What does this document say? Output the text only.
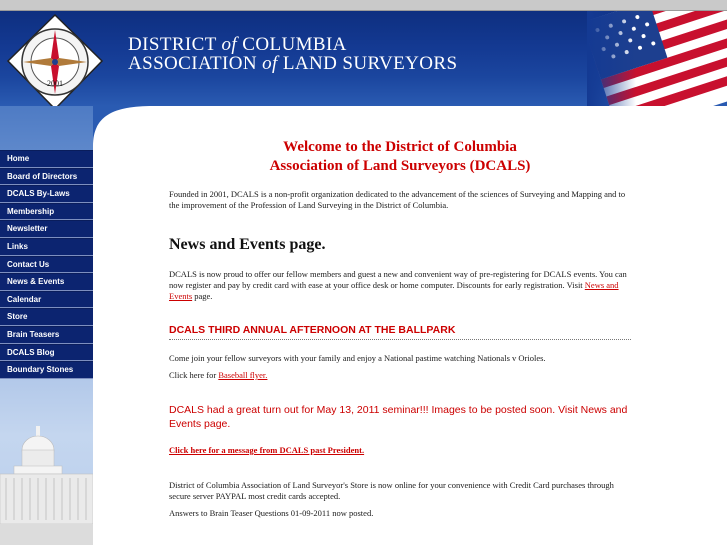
2001
DISTRICT of COLUMBIA
ASSOCIATION of LAND SURVEYORS
Home
Board of Directors
DCALS By-Laws
Membership
Newsletter
Links
Contact Us
News & Events
Calendar
Store
Brain Teasers
DCALS Blog
Boundary Stones
Welcome to the District of Columbia
Association of Land Surveyors (DCALS)

Founded in 2001, DCALS is a non-profit organization dedicated to the advancement of the sciences of Surveying and Mapping and to the improvement of the Profession of Land Surveying in the District of Columbia.

News and Events page.

DCALS is now proud to offer our fellow members and guest a new and convenient way of pre-registering for DCALS events. You can now register and pay by credit card with ease at your office desk or home computer. Discounts for early registration. Visit News and Events page.

DCALS THIRD ANNUAL AFTERNOON AT THE BALLPARK

Come join your fellow surveyors with your family and enjoy a National pastime watching Nationals v Orioles.

Click here for Baseball flyer.

DCALS had a great turn out for May 13, 2011 seminar!!! Images to be posted soon. Visit News and Events page.

Click here for a message from DCALS past President.

District of Columbia Association of Land Surveyor's Store is now online for your convenience with Credit Card purchases through secure server PAYPAL most credit cards accepted.

Answers to Brain Teaser Questions 01-09-2011 now posted.
